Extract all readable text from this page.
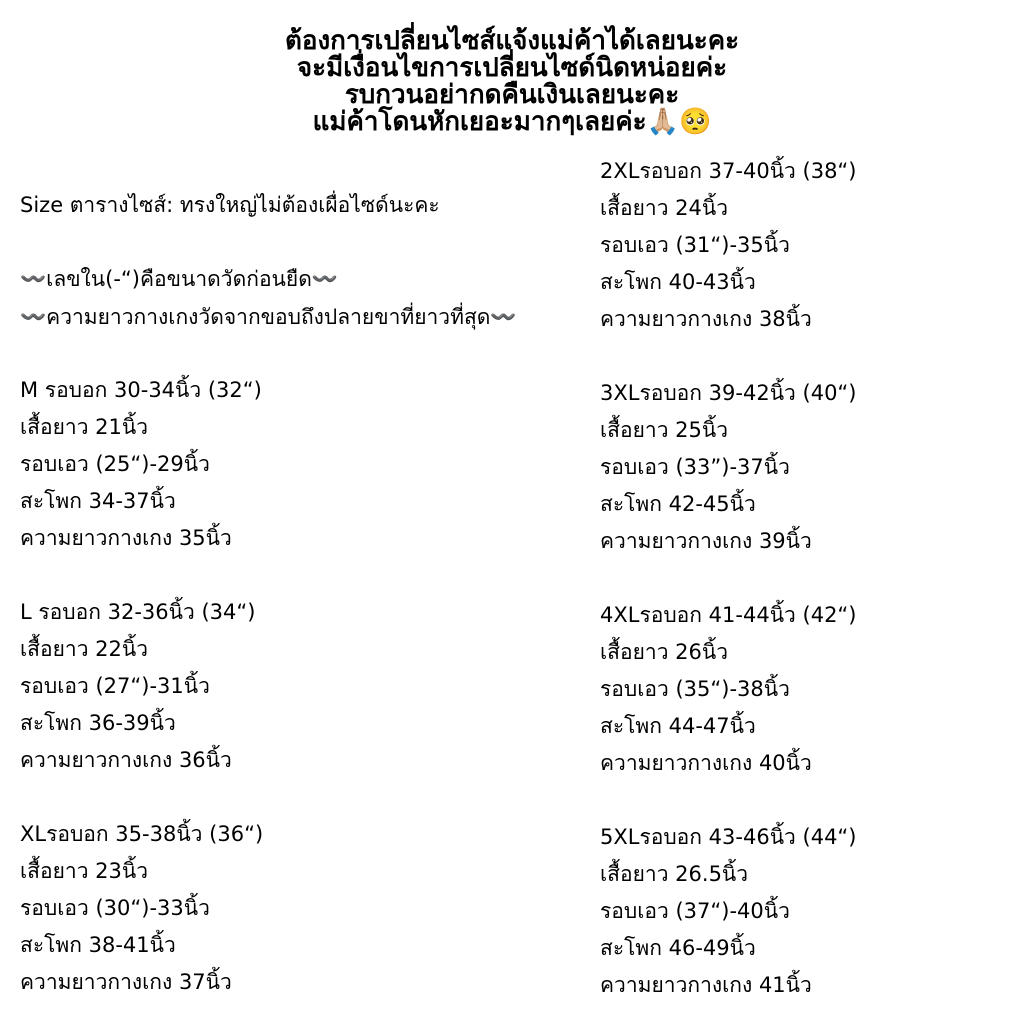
ต้องการเปลี่ยนไซส์แจ้งแม่ค้าได้เลยนะคะ
จะมีเงื่อนไขการเปลี่ยนไซด์นิดหน่อยค่ะ
รบกวนอย่ากดคืนเงินเลยนะคะ
แม่ค้าโดนหักเยอะมากๆเลยค่ะ🙏🏼🥺
Size ตารางไซส์: ทรงใหญ่ไม่ต้องเผื่อไซด์นะคะ
〰️เลขใน(-“)คือขนาดวัดก่อนยืด〰️
〰️ความยาวกางเกงวัดจากขอบถึงปลายขาที่ยาวที่สุด〰️
M รอบอก 30-34นิ้ว (32“)
เสื้อยาว 21นิ้ว
รอบเอว (25“)-29นิ้ว
สะโพก 34-37นิ้ว
ความยาวกางเกง 35นิ้ว
L รอบอก 32-36นิ้ว (34“)
เสื้อยาว 22นิ้ว
รอบเอว (27“)-31นิ้ว
สะโพก 36-39นิ้ว
ความยาวกางเกง 36นิ้ว
XLรอบอก 35-38นิ้ว (36“)
เสื้อยาว 23นิ้ว
รอบเอว (30“)-33นิ้ว
สะโพก 38-41นิ้ว
ความยาวกางเกง 37นิ้ว
2XLรอบอก 37-40นิ้ว (38“)
เสื้อยาว 24นิ้ว
รอบเอว (31“)-35นิ้ว
สะโพก 40-43นิ้ว
ความยาวกางเกง 38นิ้ว
3XLรอบอก 39-42นิ้ว (40“)
เสื้อยาว 25นิ้ว
รอบเอว (33”)-37นิ้ว
สะโพก 42-45นิ้ว
ความยาวกางเกง 39นิ้ว
4XLรอบอก 41-44นิ้ว (42“)
เสื้อยาว 26นิ้ว
รอบเอว (35“)-38นิ้ว
สะโพก 44-47นิ้ว
ความยาวกางเกง 40นิ้ว
5XLรอบอก 43-46นิ้ว (44“)
เสื้อยาว 26.5นิ้ว
รอบเอว (37“)-40นิ้ว
สะโพก 46-49นิ้ว
ความยาวกางเกง 41นิ้ว
